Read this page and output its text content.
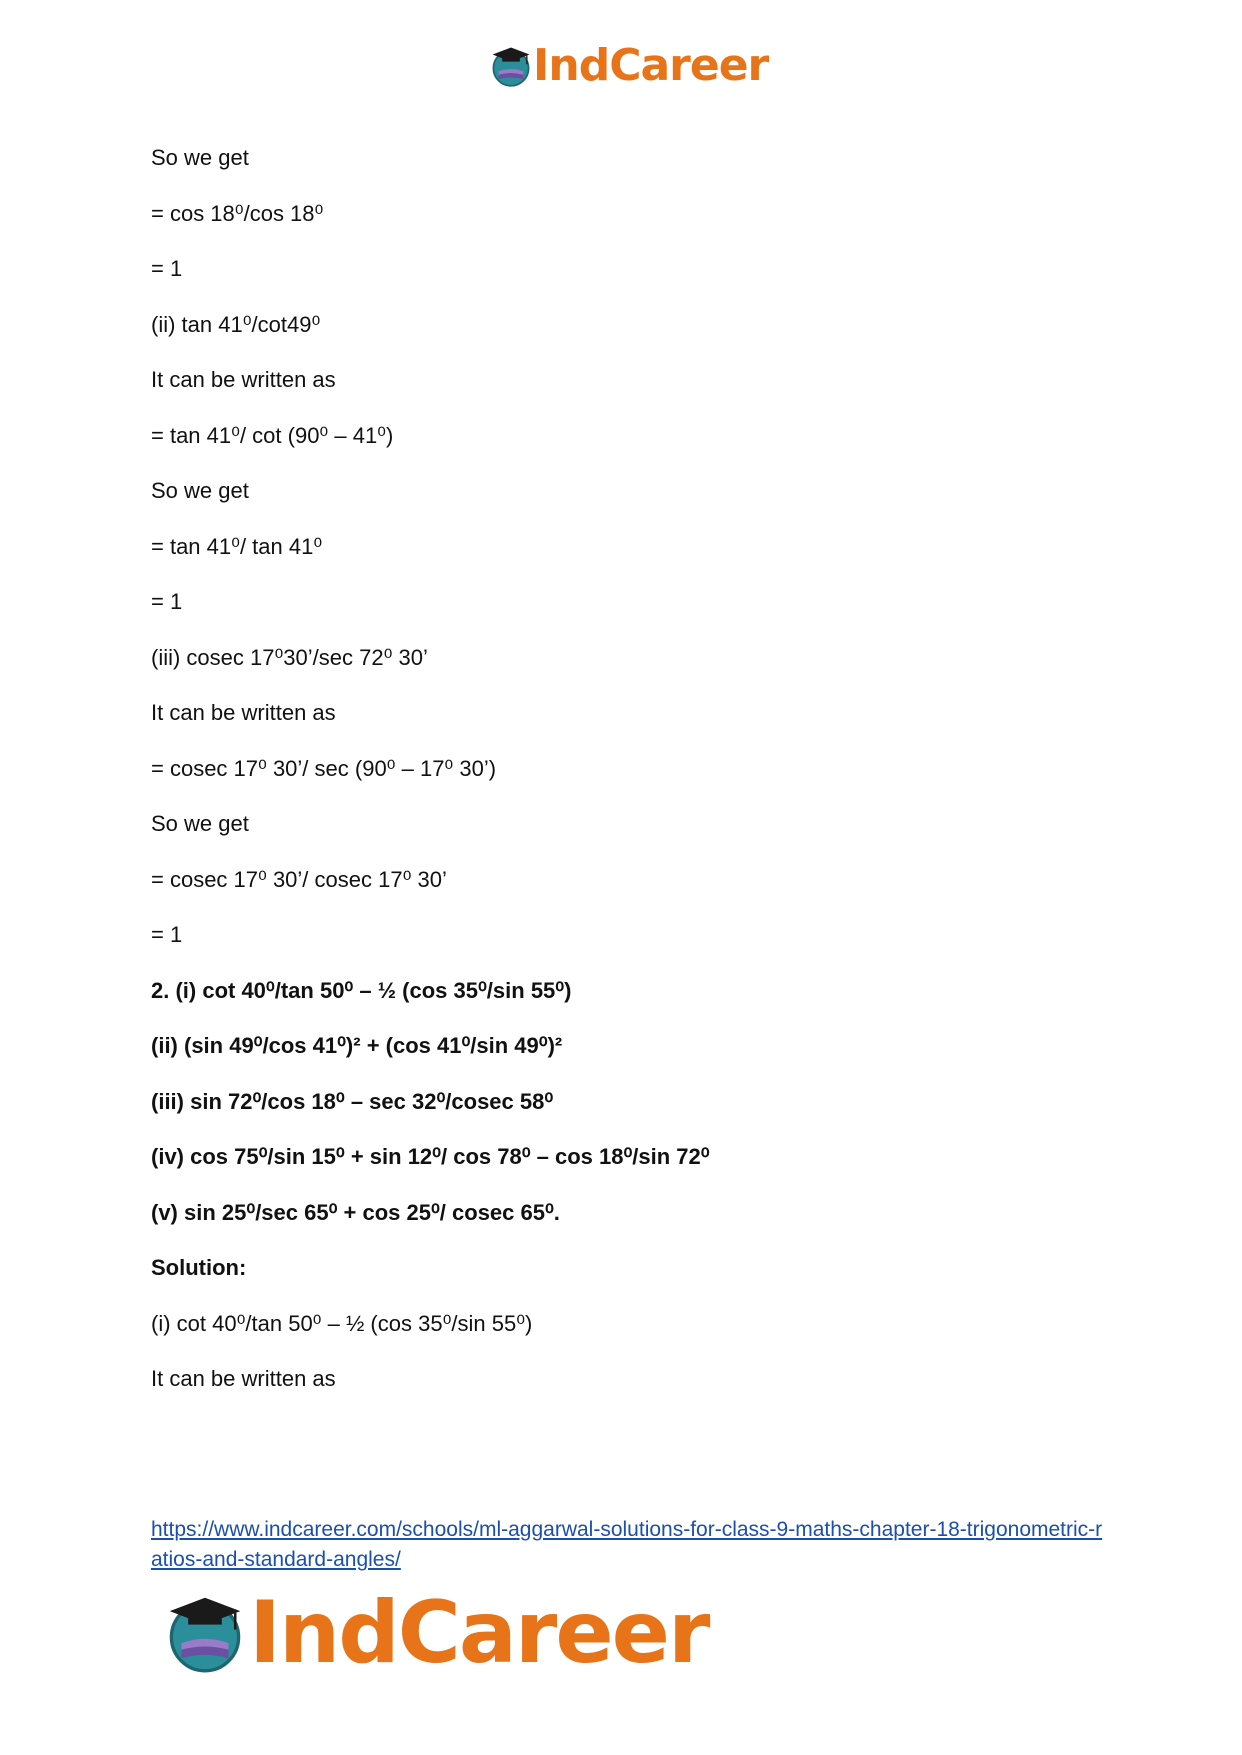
IndCareer
So we get
= cos 18⁰/cos 18⁰
= 1
(ii) tan 41⁰/cot49⁰
It can be written as
= tan 41⁰/ cot (90⁰ – 41⁰)
So we get
= tan 41⁰/ tan 41⁰
= 1
(iii) cosec 17⁰30’/sec 72⁰ 30’
It can be written as
= cosec 17⁰ 30’/ sec (90⁰ – 17⁰ 30’)
So we get
= cosec 17⁰ 30’/ cosec 17⁰ 30’
= 1
2. (i) cot 40⁰/tan 50⁰ – ½ (cos 35⁰/sin 55⁰)
(ii) (sin 49⁰/cos 41⁰)² + (cos 41⁰/sin 49⁰)²
(iii) sin 72⁰/cos 18⁰ – sec 32⁰/cosec 58⁰
(iv) cos 75⁰/sin 15⁰ + sin 12⁰/ cos 78⁰ – cos 18⁰/sin 72⁰
(v) sin 25⁰/sec 65⁰ + cos 25⁰/ cosec 65⁰.
Solution:
(i) cot 40⁰/tan 50⁰ – ½ (cos 35⁰/sin 55⁰)
It can be written as
https://www.indcareer.com/schools/ml-aggarwal-solutions-for-class-9-maths-chapter-18-trigonometric-ratios-and-standard-angles/
IndCareer
